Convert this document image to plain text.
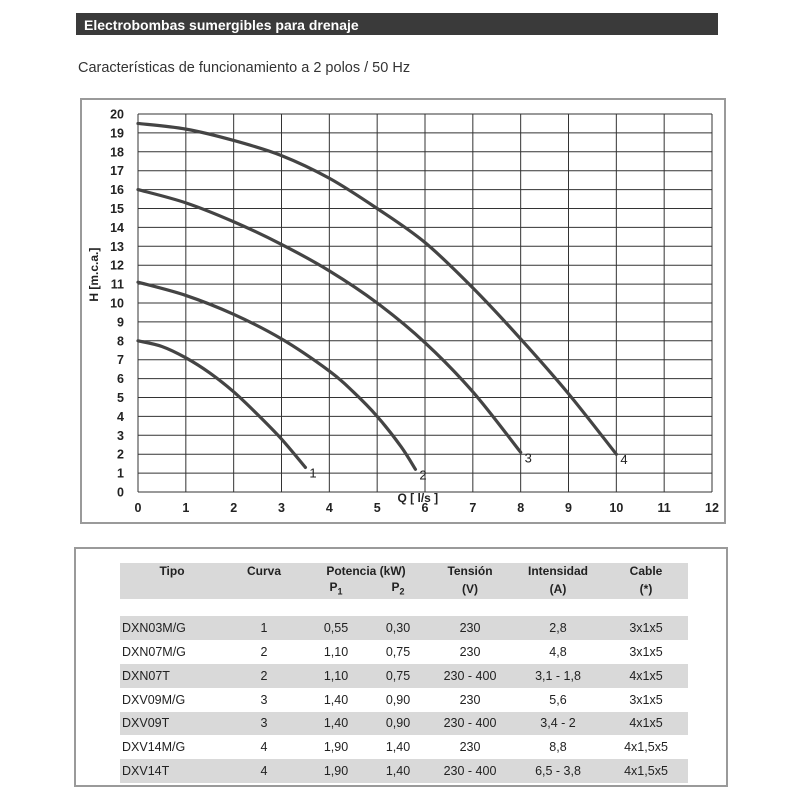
Electrobombas sumergibles para drenaje
Características de funcionamiento a 2 polos / 50 Hz
0
1
2
3
4
5
6
7
8
9
10
11
12
13
14
15
16
17
18
19
20
0	1	2	3	4	5	6	7	8	9	10	11	12
1	2
3	4
Q [ l/s ]
H [m.c.a.]
Tipo	Curva	Potencia (kW)		Tensión	Intensidad	Cable
		$P_1$	$P_2$	(V)	(A)	(*)

DXN03M/G	1	0,55	0,30	230	2,8	3x1x5
DXN07M/G	2	1,10	0,75	230	4,8	3x1x5
DXN07T	2	1,10	0,75	230 - 400	3,1 - 1,8	4x1x5
DXV09M/G	3	1,40	0,90	230	5,6	3x1x5
DXV09T	3	1,40	0,90	230 - 400	3,4 - 2	4x1x5
DXV14M/G	4	1,90	1,40	230	8,8	4x1,5x5
DXV14T	4	1,90	1,40	230 - 400	6,5 - 3,8	4x1,5x5
